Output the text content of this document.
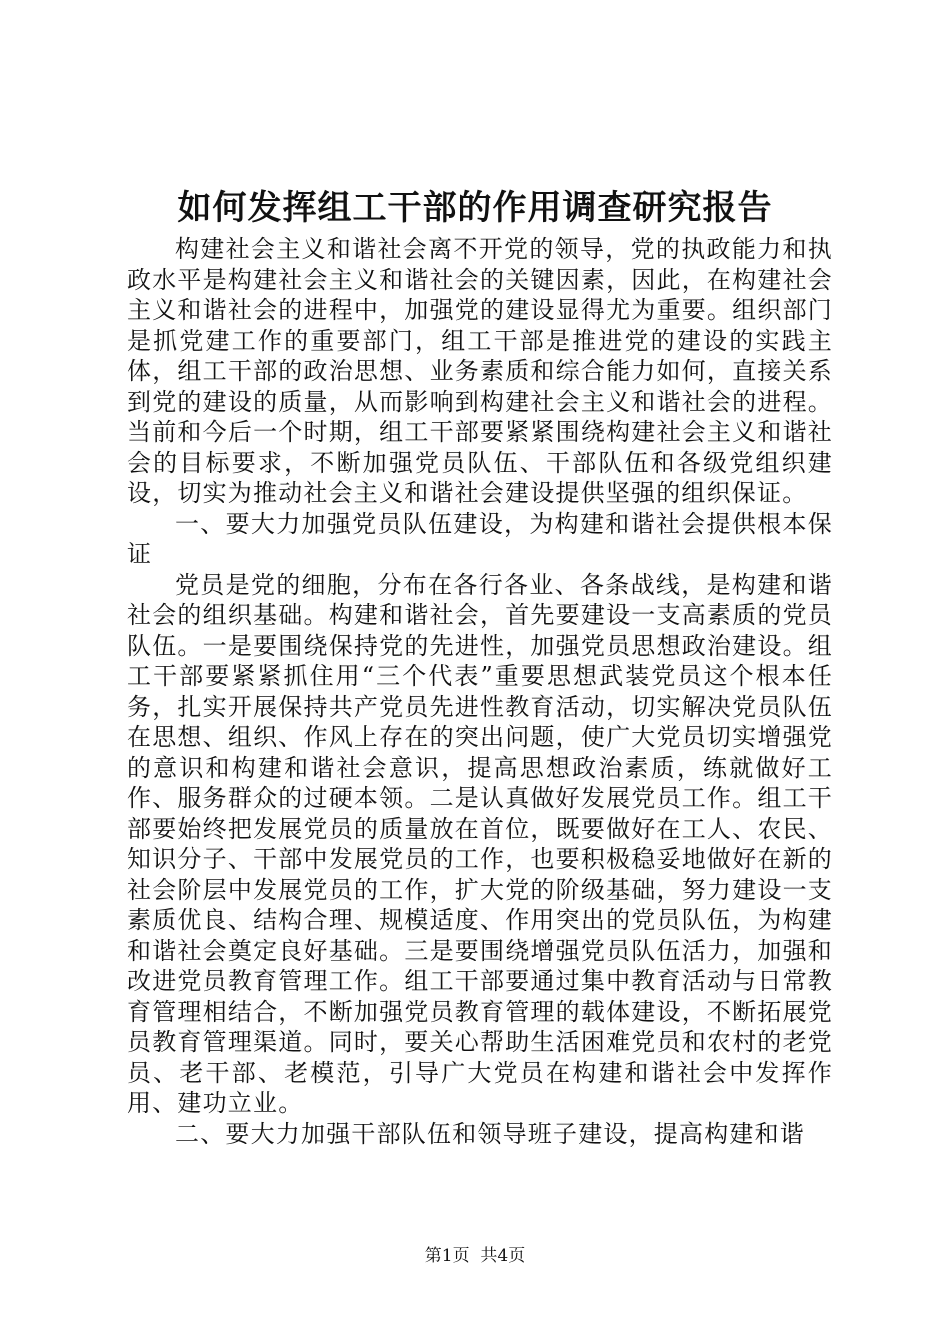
如何发挥组工干部的作用调查研究报告

构建社会主义和谐社会离不开党的领导，党的执政能力和执政水平是构建社会主义和谐社会的关键因素，因此，在构建社会主义和谐社会的进程中，加强党的建设显得尤为重要。组织部门是抓党建工作的重要部门，组工干部是推进党的建设的实践主体，组工干部的政治思想、业务素质和综合能力如何，直接关系到党的建设的质量，从而影响到构建社会主义和谐社会的进程。当前和今后一个时期，组工干部要紧紧围绕构建社会主义和谐社会的目标要求，不断加强党员队伍、干部队伍和各级党组织建设，切实为推动社会主义和谐社会建设提供坚强的组织保证。

一、要大力加强党员队伍建设，为构建和谐社会提供根本保证

党员是党的细胞，分布在各行各业、各条战线，是构建和谐社会的组织基础。构建和谐社会，首先要建设一支高素质的党员队伍。一是要围绕保持党的先进性，加强党员思想政治建设。组工干部要紧紧抓住用“三个代表”重要思想武装党员这个根本任务，扎实开展保持共产党员先进性教育活动，切实解决党员队伍在思想、组织、作风上存在的突出问题，使广大党员切实增强党的意识和构建和谐社会意识，提高思想政治素质，练就做好工作、服务群众的过硬本领。二是认真做好发展党员工作。组工干部要始终把发展党员的质量放在首位，既要做好在工人、农民、知识分子、干部中发展党员的工作，也要积极稳妥地做好在新的社会阶层中发展党员的工作，扩大党的阶级基础，努力建设一支素质优良、结构合理、规模适度、作用突出的党员队伍，为构建和谐社会奠定良好基础。三是要围绕增强党员队伍活力，加强和改进党员教育管理工作。组工干部要通过集中教育活动与日常教育管理相结合，不断加强党员教育管理的载体建设，不断拓展党员教育管理渠道。同时，要关心帮助生活困难党员和农村的老党员、老干部、老模范，引导广大党员在构建和谐社会中发挥作用、建功立业。

二、要大力加强干部队伍和领导班子建设，提高构建和谐

第1页 共4页
